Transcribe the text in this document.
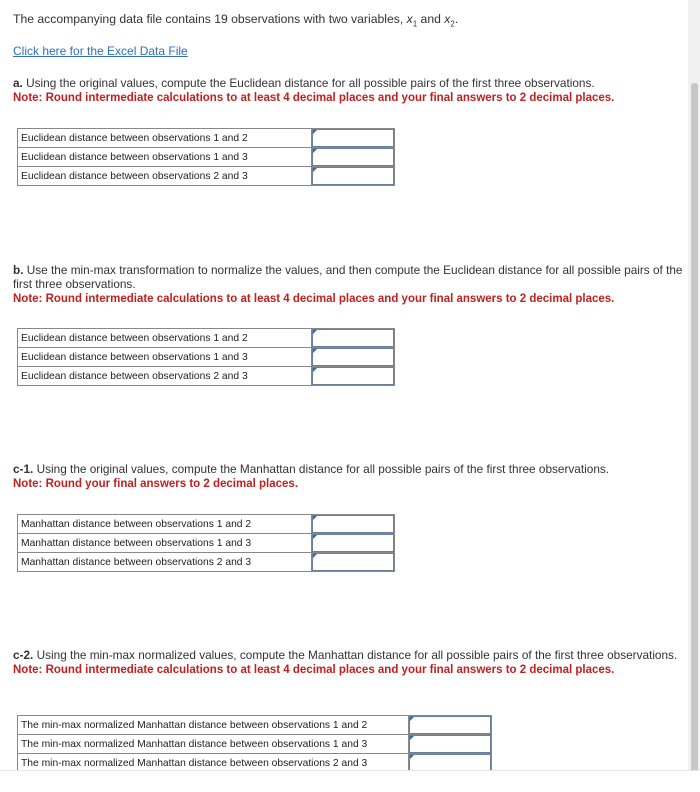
The accompanying data file contains 19 observations with two variables, $x_1$ and $x_2$.
Click here for the Excel Data File
a. Using the original values, compute the Euclidean distance for all possible pairs of the first three observations.
Note: Round intermediate calculations to at least 4 decimal places and your final answers to 2 decimal places.
Euclidean distance between observations 1 and 2	

Euclidean distance between observations 1 and 3	

Euclidean distance between observations 2 and 3	
b. Use the min-max transformation to normalize the values, and then compute the Euclidean distance for all possible pairs of the first three observations.
Note: Round intermediate calculations to at least 4 decimal places and your final answers to 2 decimal places.
Euclidean distance between observations 1 and 2	

Euclidean distance between observations 1 and 3	

Euclidean distance between observations 2 and 3	
c-1. Using the original values, compute the Manhattan distance for all possible pairs of the first three observations.
Note: Round your final answers to 2 decimal places.
Manhattan distance between observations 1 and 2	

Manhattan distance between observations 1 and 3	

Manhattan distance between observations 2 and 3	
c-2. Using the min-max normalized values, compute the Manhattan distance for all possible pairs of the first three observations.
Note: Round intermediate calculations to at least 4 decimal places and your final answers to 2 decimal places.
The min-max normalized Manhattan distance between observations 1 and 2	

The min-max normalized Manhattan distance between observations 1 and 3	

The min-max normalized Manhattan distance between observations 2 and 3	
